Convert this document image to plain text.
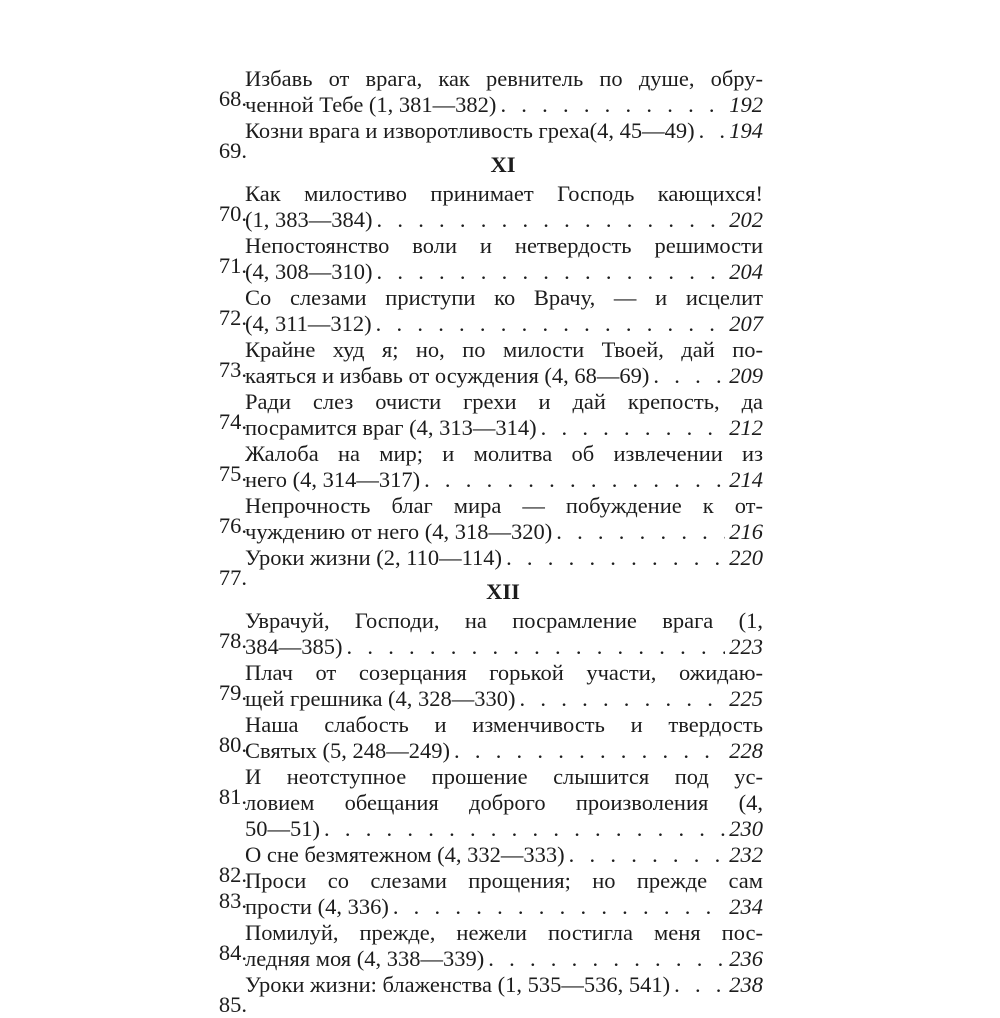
68.
Избавь от врага, как ревнитель по душе, обру-
ченной Тебе (1, 381—382) . . .	192
69.
Козни врага и изворотливость греха(4, 45—49) . . . 194
XI
70.
Как милостиво принимает Господь кающихся!
(1, 383—384) . . .	202
71.
Непостоянство воли и нетвердость решимости
(4, 308—310) . . .	204
72.
Со слезами приступи ко Врачу, — и исцелит
(4, 311—312) . . .	207
73.
Крайне худ я; но, по милости Твоей, дай по-
каяться и избавь от осуждения (4, 68—69) . . .	209
74.
Ради слез очисти грехи и дай крепость, да
посрамится враг (4, 313—314) . . .	212
75.
Жалоба на мир; и молитва об извлечении из
него (4, 314—317) . . .	214
76.
Непрочность благ мира — побуждение к от-
чуждению от него (4, 318—320) . . .	216
77.
Уроки жизни (2, 110—114) . . .	220
XII
78.
Уврачуй, Господи, на посрамление врага (1,
384—385) . . .	223
79.
Плач от созерцания горькой участи, ожидаю-
щей грешника (4, 328—330) . . .	225
80.
Наша слабость и изменчивость и твердость
Святых (5, 248—249) . . .	228
81.
И неотступное прошение слышится под ус-
ловием обещания доброго произволения (4,
50—51) . . .	230
82.
О сне безмятежном (4, 332—333) . . .	232
83.
Проси со слезами прощения; но прежде сам
прости (4, 336) . . .	234
84.
Помилуй, прежде, нежели постигла меня пос-
ледняя моя (4, 338—339) . . .	236
85.
Уроки жизни: блаженства (1, 535—536, 541) . . .	238
